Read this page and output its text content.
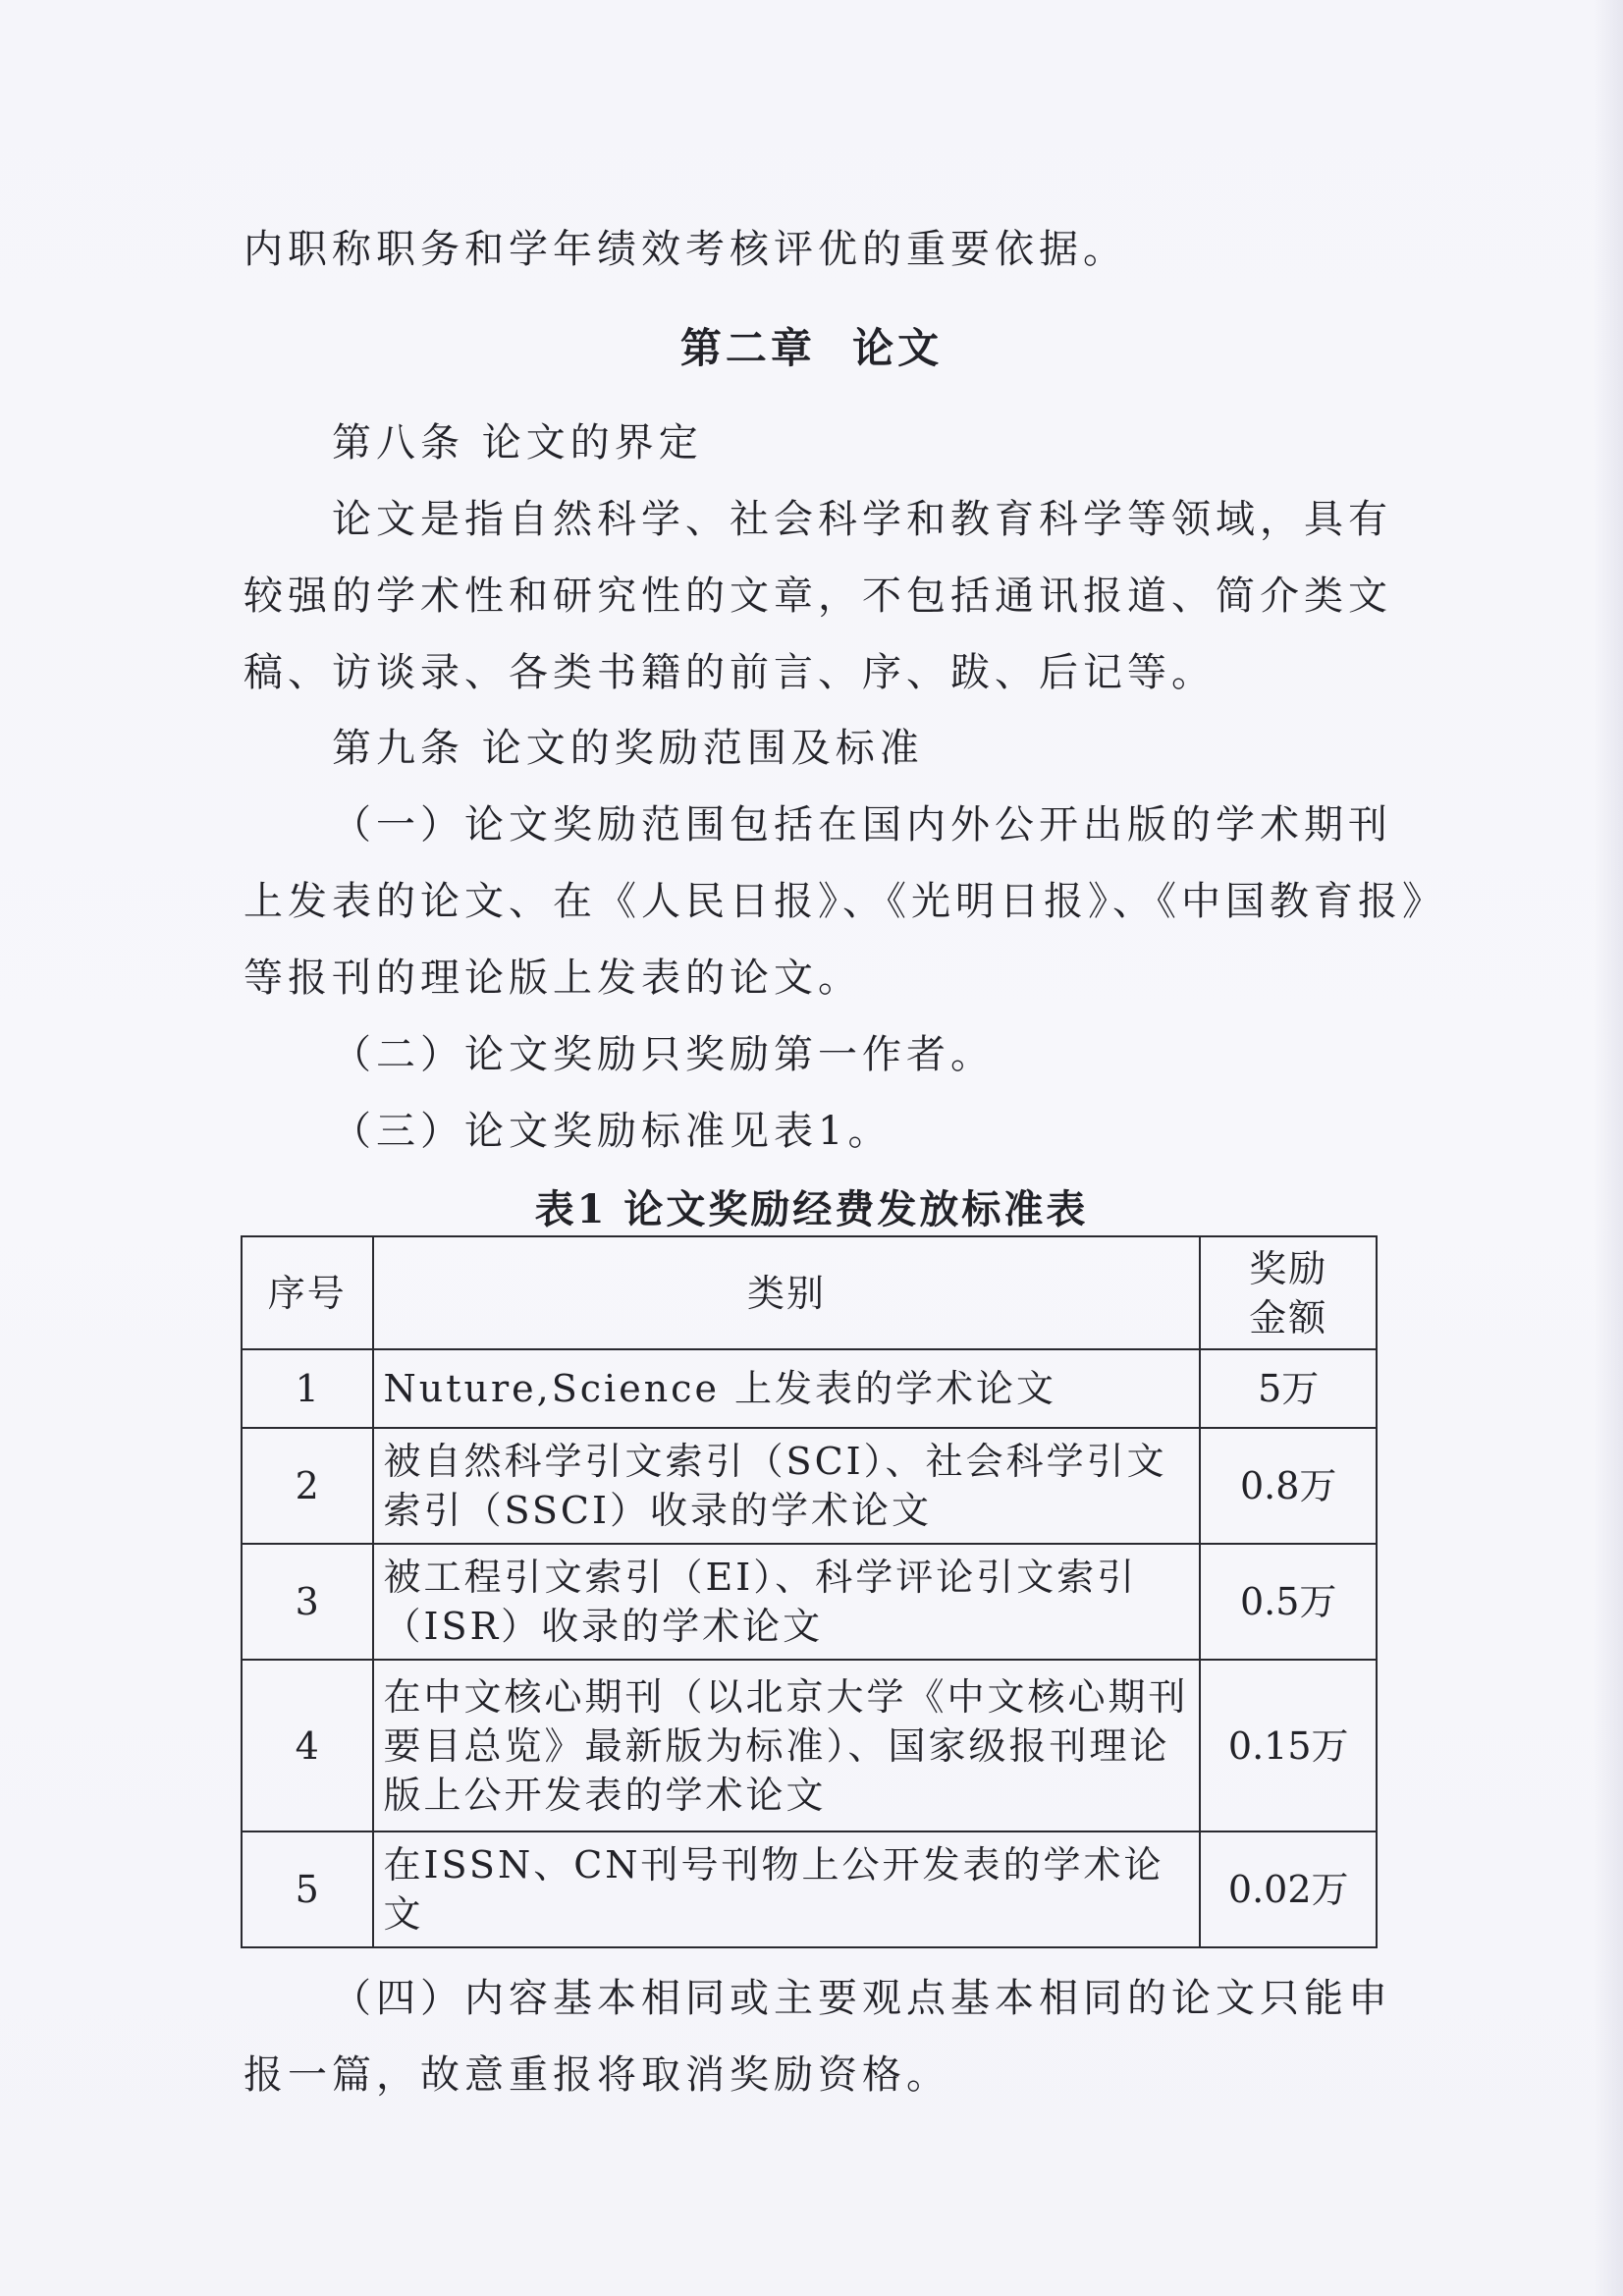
内职称职务和学年绩效考核评优的重要依据。
第二章  论文
第八条 论文的界定
论文是指自然科学、社会科学和教育科学等领域，具有
较强的学术性和研究性的文章，不包括通讯报道、简介类文
稿、访谈录、各类书籍的前言、序、跋、后记等。
第九条 论文的奖励范围及标准
（一）论文奖励范围包括在国内外公开出版的学术期刊
上发表的论文、在《人民日报》、《光明日报》、《中国教育报》
等报刊的理论版上发表的论文。
（二）论文奖励只奖励第一作者。
（三）论文奖励标准见表1。
表1 论文奖励经费发放标准表
序号	类别	奖励
金额

1	Nuture,Science 上发表的学术论文	5万
2	被自然科学引文索引（SCI）、社会科学引文索引（SSCI）收录的学术论文	0.8万
3	被工程引文索引（EI）、科学评论引文索引（ISR）收录的学术论文	0.5万
4	在中文核心期刊（以北京大学《中文核心期刊要目总览》最新版为标准）、国家级报刊理论版上公开发表的学术论文	0.15万
5	在ISSN、CN刊号刊物上公开发表的学术论文	0.02万
（四）内容基本相同或主要观点基本相同的论文只能申
报一篇，故意重报将取消奖励资格。
